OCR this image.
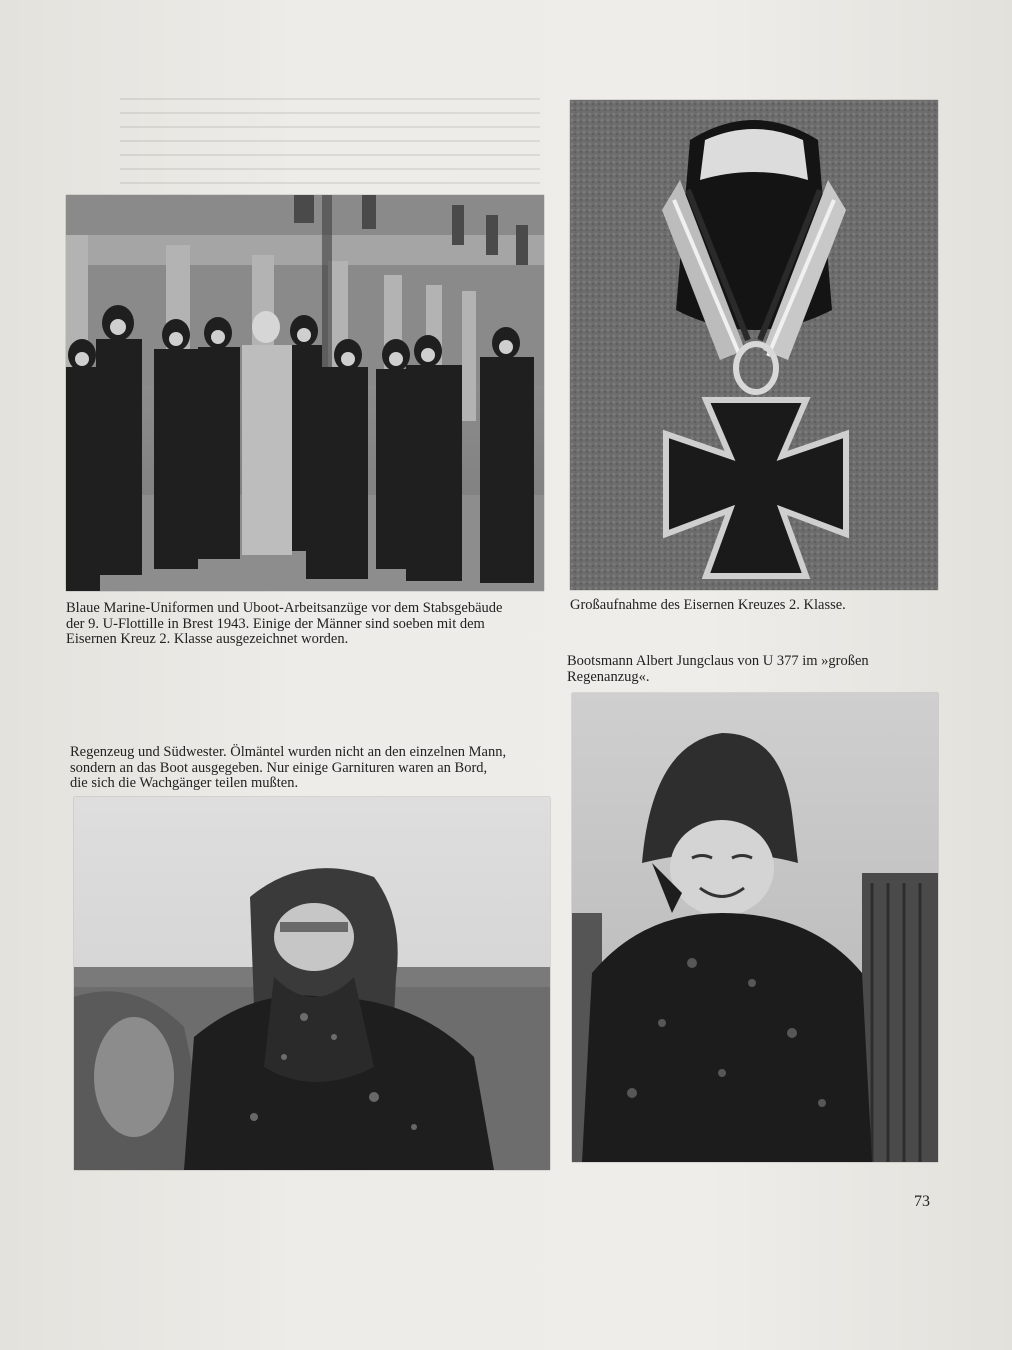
Blaue Marine-Uniformen und Uboot-Arbeitsanzüge vor dem Stabsgebäude
der 9. U-Flottille in Brest 1943. Einige der Männer sind soeben mit dem
Eisernen Kreuz 2. Klasse ausgezeichnet worden.
Großaufnahme des Eisernen Kreuzes 2. Klasse.
Bootsmann Albert Jungclaus von U 377 im »großen
Regenanzug«.
Regenzeug und Südwester. Ölmäntel wurden nicht an den einzelnen Mann,
sondern an das Boot ausgegeben. Nur einige Garnituren waren an Bord,
die sich die Wachgänger teilen mußten.
73
